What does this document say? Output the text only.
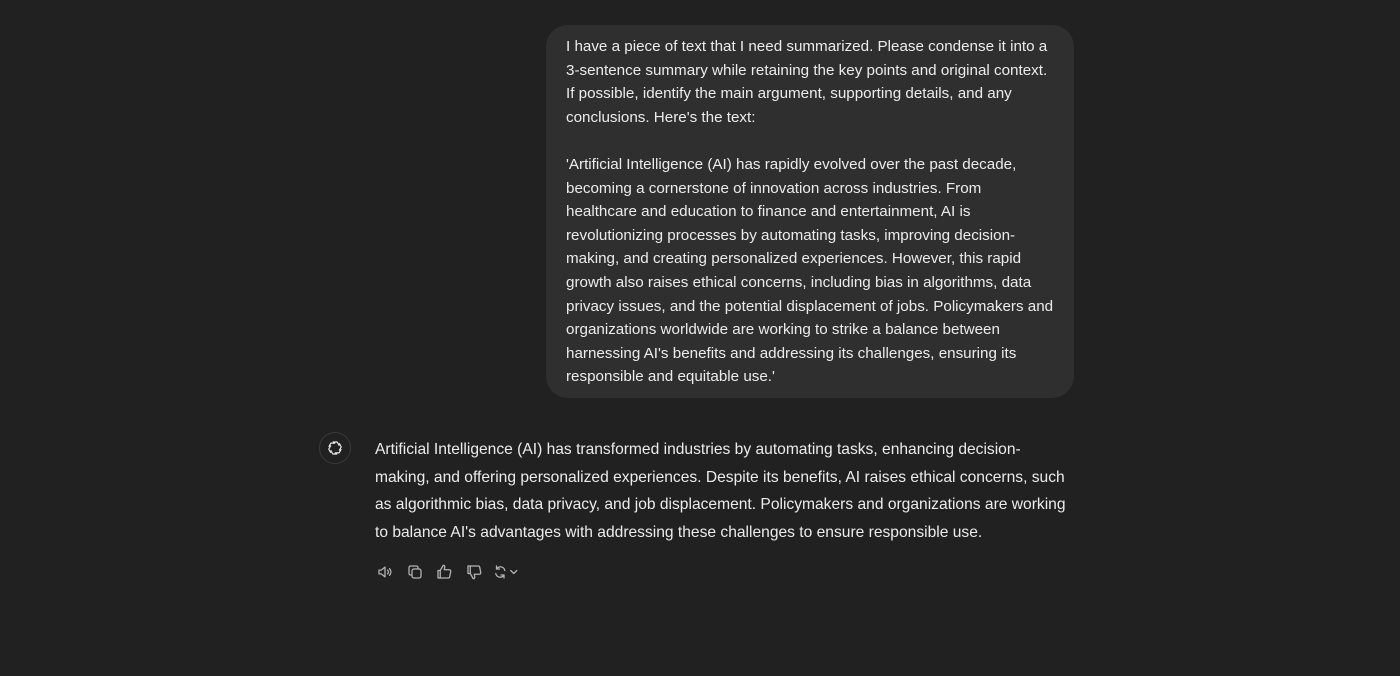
I have a piece of text that I need summarized. Please condense it into a 3-sentence summary while retaining the key points and original context. If possible, identify the main argument, supporting details, and any conclusions. Here's the text:

'Artificial Intelligence (AI) has rapidly evolved over the past decade, becoming a cornerstone of innovation across industries. From healthcare and education to finance and entertainment, AI is revolutionizing processes by automating tasks, improving decision-making, and creating personalized experiences. However, this rapid growth also raises ethical concerns, including bias in algorithms, data privacy issues, and the potential displacement of jobs. Policymakers and organizations worldwide are working to strike a balance between harnessing AI's benefits and addressing its challenges, ensuring its responsible and equitable use.'

Artificial Intelligence (AI) has transformed industries by automating tasks, enhancing decision-making, and offering personalized experiences. Despite its benefits, AI raises ethical concerns, such as algorithmic bias, data privacy, and job displacement. Policymakers and organizations are working to balance AI's advantages with addressing these challenges to ensure responsible use.
